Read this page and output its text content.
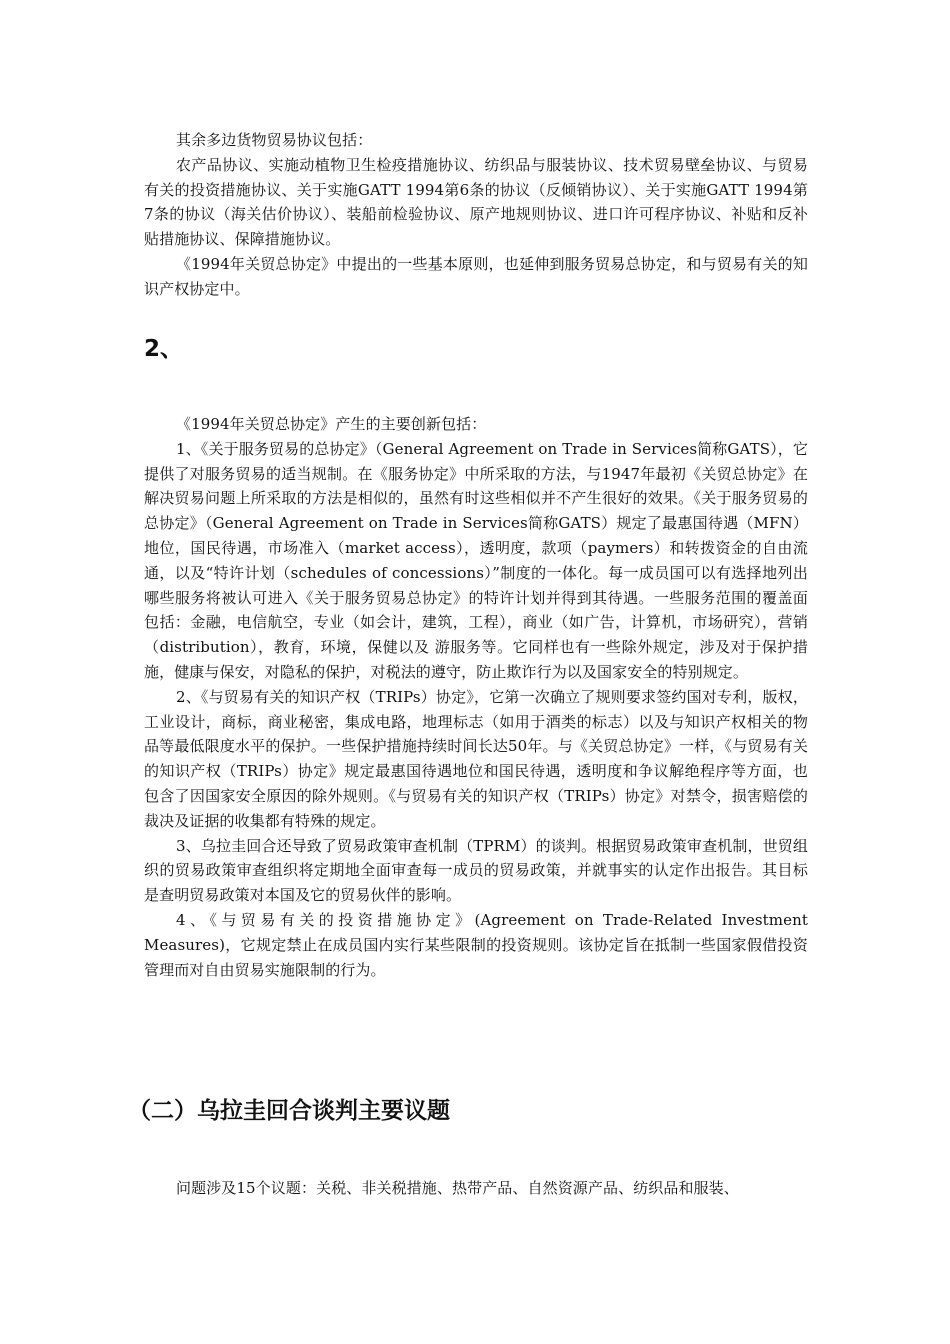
其余多边货物贸易协议包括：

农产品协议、实施动植物卫生检疫措施协议、纺织品与服装协议、技术贸易壁垒协议、与贸易有关的投资措施协议、关于实施GATT 1994第6条的协议（反倾销协议）、关于实施GATT 1994第7条的协议（海关估价协议）、装船前检验协议、原产地规则协议、进口许可程序协议、补贴和反补贴措施协议、保障措施协议。

《1994年关贸总协定》中提出的一些基本原则，也延伸到服务贸易总协定，和与贸易有关的知识产权协定中。

2、

《1994年关贸总协定》产生的主要创新包括：

1、《关于服务贸易的总协定》（General Agreement on Trade in Services简称GATS），它提供了对服务贸易的适当规制。在《服务协定》中所采取的方法，与1947年最初《关贸总协定》在解决贸易问题上所采取的方法是相似的，虽然有时这些相似并不产生很好的效果。《关于服务贸易的总协定》（General Agreement on Trade in Services简称GATS）规定了最惠国待遇（MFN）地位，国民待遇，市场准入（market access），透明度，款项（paymers）和转拨资金的自由流通，以及“特许计划（schedules of concessions）”制度的一体化。每一成员国可以有选择地列出哪些服务将被认可进入《关于服务贸易总协定》的特许计划并得到其待遇。一些服务范围的覆盖面包括：金融，电信航空，专业（如会计，建筑，工程），商业（如广告，计算机，市场研究），营销（distribution），教育，环境，保健以及 游服务等。它同样也有一些除外规定，涉及对于保护措施，健康与保安，对隐私的保护，对税法的遵守，防止欺诈行为以及国家安全的特别规定。

2、《与贸易有关的知识产权（TRIPs）协定》，它第一次确立了规则要求签约国对专利，版权，工业设计，商标，商业秘密，集成电路，地理标志（如用于酒类的标志）以及与知识产权相关的物品等最低限度水平的保护。一些保护措施持续时间长达50年。与《关贸总协定》一样，《与贸易有关的知识产权（TRIPs）协定》规定最惠国待遇地位和国民待遇，透明度和争议解绝程序等方面，也包含了因国家安全原因的除外规则。《与贸易有关的知识产权（TRIPs）协定》对禁令，损害赔偿的裁决及证据的收集都有特殊的规定。

3、乌拉圭回合还导致了贸易政策审查机制（TPRM）的谈判。根据贸易政策审查机制，世贸组织的贸易政策审查组织将定期地全面审查每一成员的贸易政策，并就事实的认定作出报告。其目标是查明贸易政策对本国及它的贸易伙伴的影响。

4、《与贸易有关的投资措施协定》(Agreement on Trade-Related Investment Measures)，它规定禁止在成员国内实行某些限制的投资规则。该协定旨在抵制一些国家假借投资管理而对自由贸易实施限制的行为。

（二）乌拉圭回合谈判主要议题

问题涉及15个议题：关税、非关税措施、热带产品、自然资源产品、纺织品和服装、
